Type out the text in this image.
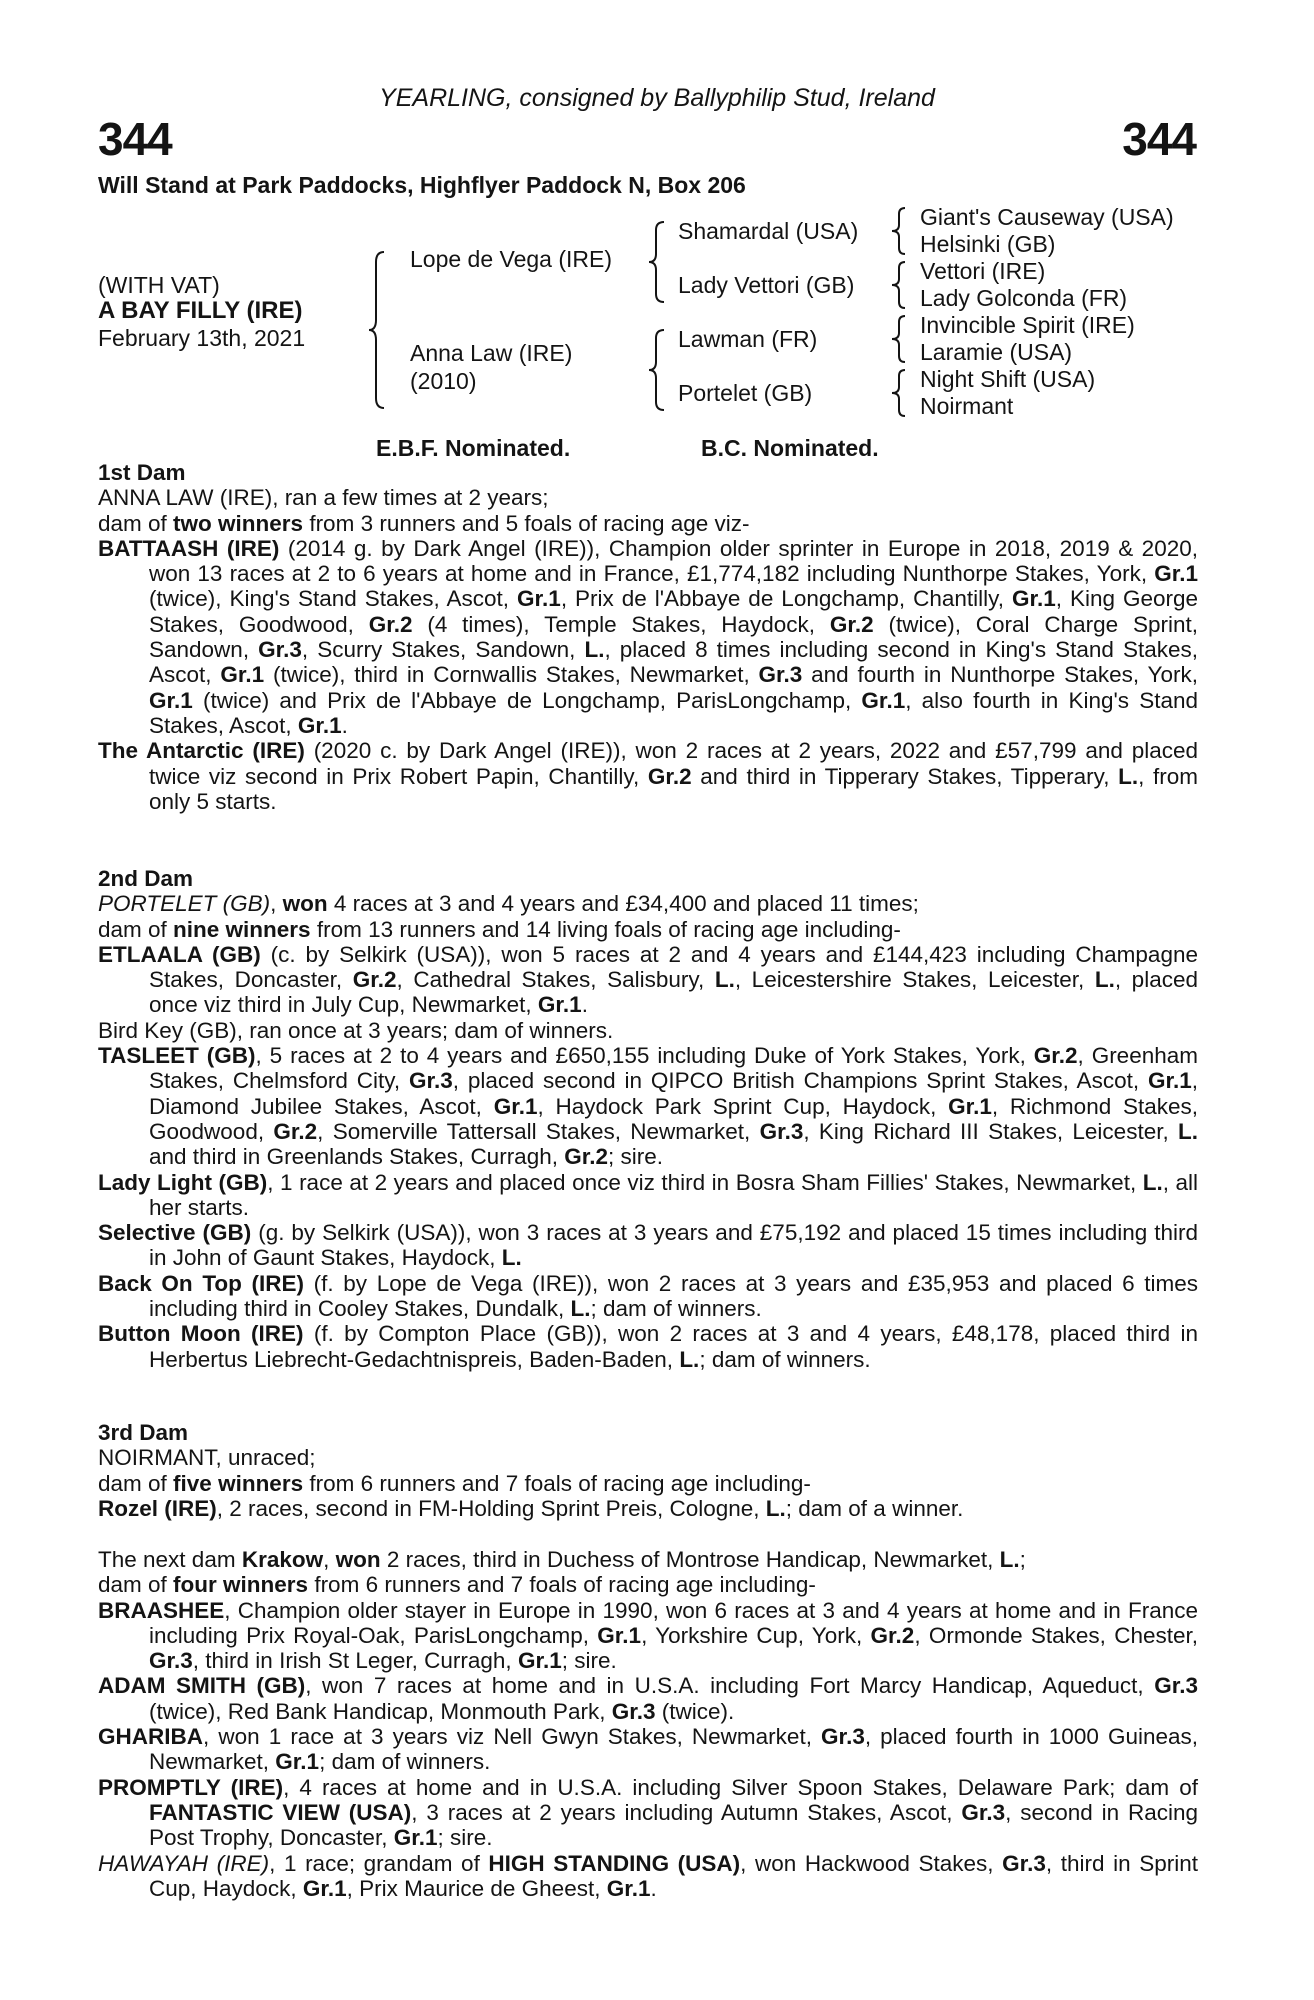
YEARLING, consigned by Ballyphilip Stud, Ireland
344	344
Will Stand at Park Paddocks, Highflyer Paddock N, Box 206
(WITH VAT)
A BAY FILLY (IRE)
February 13th, 2021
Lope de Vega (IRE)
Anna Law (IRE)
(2010)
Shamardal (USA)
Lady Vettori (GB)
Lawman (FR)
Portelet (GB)
Giant's Causeway (USA)
Helsinki (GB)
Vettori (IRE)
Lady Golconda (FR)
Invincible Spirit (IRE)
Laramie (USA)
Night Shift (USA)
Noirmant
E.B.F. Nominated.	B.C. Nominated.

1st Dam

ANNA LAW (IRE), ran a few times at 2 years;

dam of two winners from 3 runners and 5 foals of racing age viz-

BATTAASH (IRE) (2014 g. by Dark Angel (IRE)), Champion older sprinter in Europe in 2018, 2019 & 2020, won 13 races at 2 to 6 years at home and in France, £1,774,182 including Nunthorpe Stakes, York, Gr.1 (twice), King's Stand Stakes, Ascot, Gr.1, Prix de l'Abbaye de Longchamp, Chantilly, Gr.1, King George Stakes, Goodwood, Gr.2 (4 times), Temple Stakes, Haydock, Gr.2 (twice), Coral Charge Sprint, Sandown, Gr.3, Scurry Stakes, Sandown, L., placed 8 times including second in King's Stand Stakes, Ascot, Gr.1 (twice), third in Cornwallis Stakes, Newmarket, Gr.3 and fourth in Nunthorpe Stakes, York, Gr.1 (twice) and Prix de l'Abbaye de Longchamp, ParisLongchamp, Gr.1, also fourth in King's Stand Stakes, Ascot, Gr.1.

The Antarctic (IRE) (2020 c. by Dark Angel (IRE)), won 2 races at 2 years, 2022 and £57,799 and placed twice viz second in Prix Robert Papin, Chantilly, Gr.2 and third in Tipperary Stakes, Tipperary, L., from only 5 starts.

2nd Dam

PORTELET (GB), won 4 races at 3 and 4 years and £34,400 and placed 11 times;

dam of nine winners from 13 runners and 14 living foals of racing age including-

ETLAALA (GB) (c. by Selkirk (USA)), won 5 races at 2 and 4 years and £144,423 including Champagne Stakes, Doncaster, Gr.2, Cathedral Stakes, Salisbury, L., Leicestershire Stakes, Leicester, L., placed once viz third in July Cup, Newmarket, Gr.1.

Bird Key (GB), ran once at 3 years; dam of winners.

TASLEET (GB), 5 races at 2 to 4 years and £650,155 including Duke of York Stakes, York, Gr.2, Greenham Stakes, Chelmsford City, Gr.3, placed second in QIPCO British Champions Sprint Stakes, Ascot, Gr.1, Diamond Jubilee Stakes, Ascot, Gr.1, Haydock Park Sprint Cup, Haydock, Gr.1, Richmond Stakes, Goodwood, Gr.2, Somerville Tattersall Stakes, Newmarket, Gr.3, King Richard III Stakes, Leicester, L. and third in Greenlands Stakes, Curragh, Gr.2; sire.

Lady Light (GB), 1 race at 2 years and placed once viz third in Bosra Sham Fillies' Stakes, Newmarket, L., all her starts.

Selective (GB) (g. by Selkirk (USA)), won 3 races at 3 years and £75,192 and placed 15 times including third in John of Gaunt Stakes, Haydock, L.

Back On Top (IRE) (f. by Lope de Vega (IRE)), won 2 races at 3 years and £35,953 and placed 6 times including third in Cooley Stakes, Dundalk, L.; dam of winners.

Button Moon (IRE) (f. by Compton Place (GB)), won 2 races at 3 and 4 years, £48,178, placed third in Herbertus Liebrecht-Gedachtnispreis, Baden-Baden, L.; dam of winners.

3rd Dam

NOIRMANT, unraced;

dam of five winners from 6 runners and 7 foals of racing age including-

Rozel (IRE), 2 races, second in FM-Holding Sprint Preis, Cologne, L.; dam of a winner.

The next dam Krakow, won 2 races, third in Duchess of Montrose Handicap, Newmarket, L.;

dam of four winners from 6 runners and 7 foals of racing age including-

BRAASHEE, Champion older stayer in Europe in 1990, won 6 races at 3 and 4 years at home and in France including Prix Royal-Oak, ParisLongchamp, Gr.1, Yorkshire Cup, York, Gr.2, Ormonde Stakes, Chester, Gr.3, third in Irish St Leger, Curragh, Gr.1; sire.

ADAM SMITH (GB), won 7 races at home and in U.S.A. including Fort Marcy Handicap, Aqueduct, Gr.3 (twice), Red Bank Handicap, Monmouth Park, Gr.3 (twice).

GHARIBA, won 1 race at 3 years viz Nell Gwyn Stakes, Newmarket, Gr.3, placed fourth in 1000 Guineas, Newmarket, Gr.1; dam of winners.

PROMPTLY (IRE), 4 races at home and in U.S.A. including Silver Spoon Stakes, Delaware Park; dam of FANTASTIC VIEW (USA), 3 races at 2 years including Autumn Stakes, Ascot, Gr.3, second in Racing Post Trophy, Doncaster, Gr.1; sire.

HAWAYAH (IRE), 1 race; grandam of HIGH STANDING (USA), won Hackwood Stakes, Gr.3, third in Sprint Cup, Haydock, Gr.1, Prix Maurice de Gheest, Gr.1.
